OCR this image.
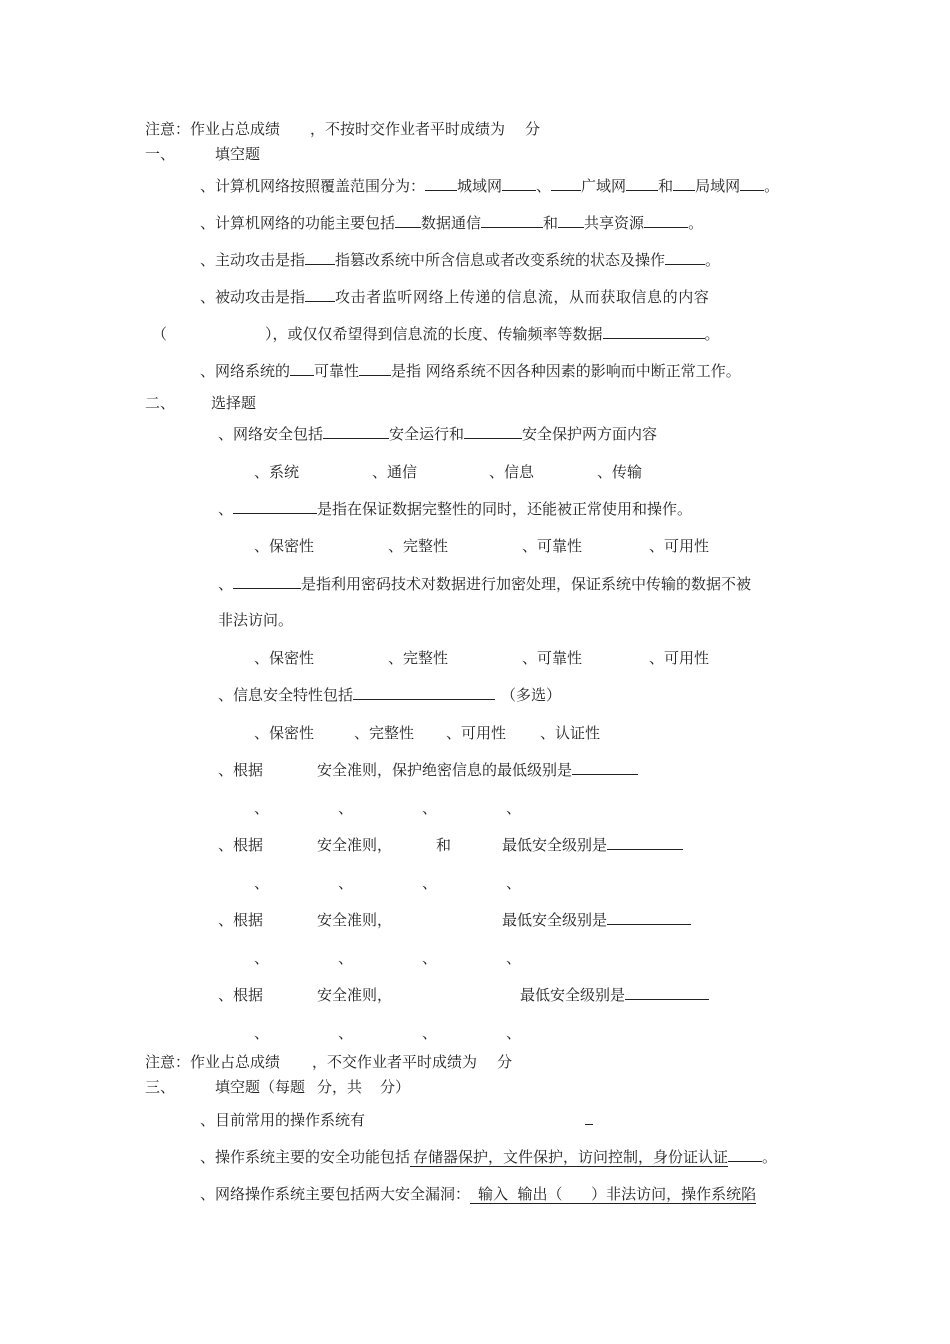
注意：作业占总成绩 ，不按时交作业者平时成绩为 分
一、	填空题
、计算机网络按照覆盖范围分为： 城域网 、 广域网 和 局域网 。
、计算机网络的功能主要包括 数据通信	和 共享资源	。
、主动攻击是指 指篡改系统中所含信息或者改变系统的状态及操作	。
、被动攻击是指 攻击者监听网络上传递的信息流，从而获取信息的内容
（	），或仅仅希望得到信息流的长度、传输频率等数据	。
、网络系统的 可靠性 是指 网络系统不因各种因素的影响而中断正常工作。
二、 选择题
、网络安全包括	安全运行和	安全保护两方面内容
、系统	、通信	、信息	、传输
、	是指在保证数据完整性的同时，还能被正常使用和操作。
、保密性	、完整性	、可靠性	、可用性
、	是指利用密码技术对数据进行加密处理，保证系统中传输的数据不被
非法访问。
、保密性	、完整性	、可靠性	、可用性
、信息安全特性包括	（多选）
、保密性	、完整性 、可用性 、认证性
、根据	安全准则，保护绝密信息的最低级别是
、	、	、	、
、根据	安全准则，	和	最低安全级别是
、	、	、	、
、根据	安全准则，	最低安全级别是
、	、	、	、
、根据	安全准则，	最低安全级别是
、	、	、	、
注意：作业占总成绩 ，不交作业者平时成绩为 分
三、	填空题（每题 分，共 分）
、目前常用的操作系统有
、操作系统主要的安全功能包括 存储器保护，文件保护，访问控制，身份证认证 。
、网络操作系统主要包括两大安全漏洞： 输入  输出（      ）非法访问，操作系统陷
